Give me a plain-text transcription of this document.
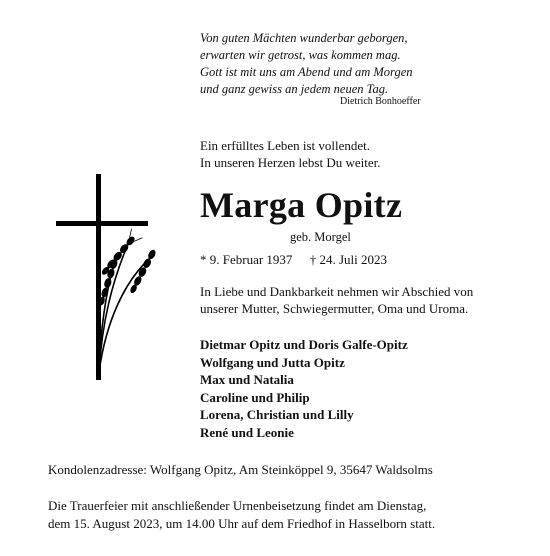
Von guten Mächten wunderbar geborgen,
erwarten wir getrost, was kommen mag.
Gott ist mit uns am Abend und am Morgen
und ganz gewiss an jedem neuen Tag.
Dietrich Bonhoeffer
Ein erfülltes Leben ist vollendet.
In unseren Herzen lebst Du weiter.
Marga Opitz
geb. Morgel
* 9. Februar 1937 † 24. Juli 2023
In Liebe und Dankbarkeit nehmen wir Abschied von
unserer Mutter, Schwiegermutter, Oma und Uroma.
Dietmar Opitz und Doris Galfe-Opitz
Wolfgang und Jutta Opitz
Max und Natalia
Caroline und Philip
Lorena, Christian und Lilly
René und Leonie
Kondolenzadresse: Wolfgang Opitz, Am Steinköppel 9, 35647 Waldsolms
Die Trauerfeier mit anschließender Urnenbeisetzung findet am Dienstag,
dem 15. August 2023, um 14.00 Uhr auf dem Friedhof in Hasselborn statt.
